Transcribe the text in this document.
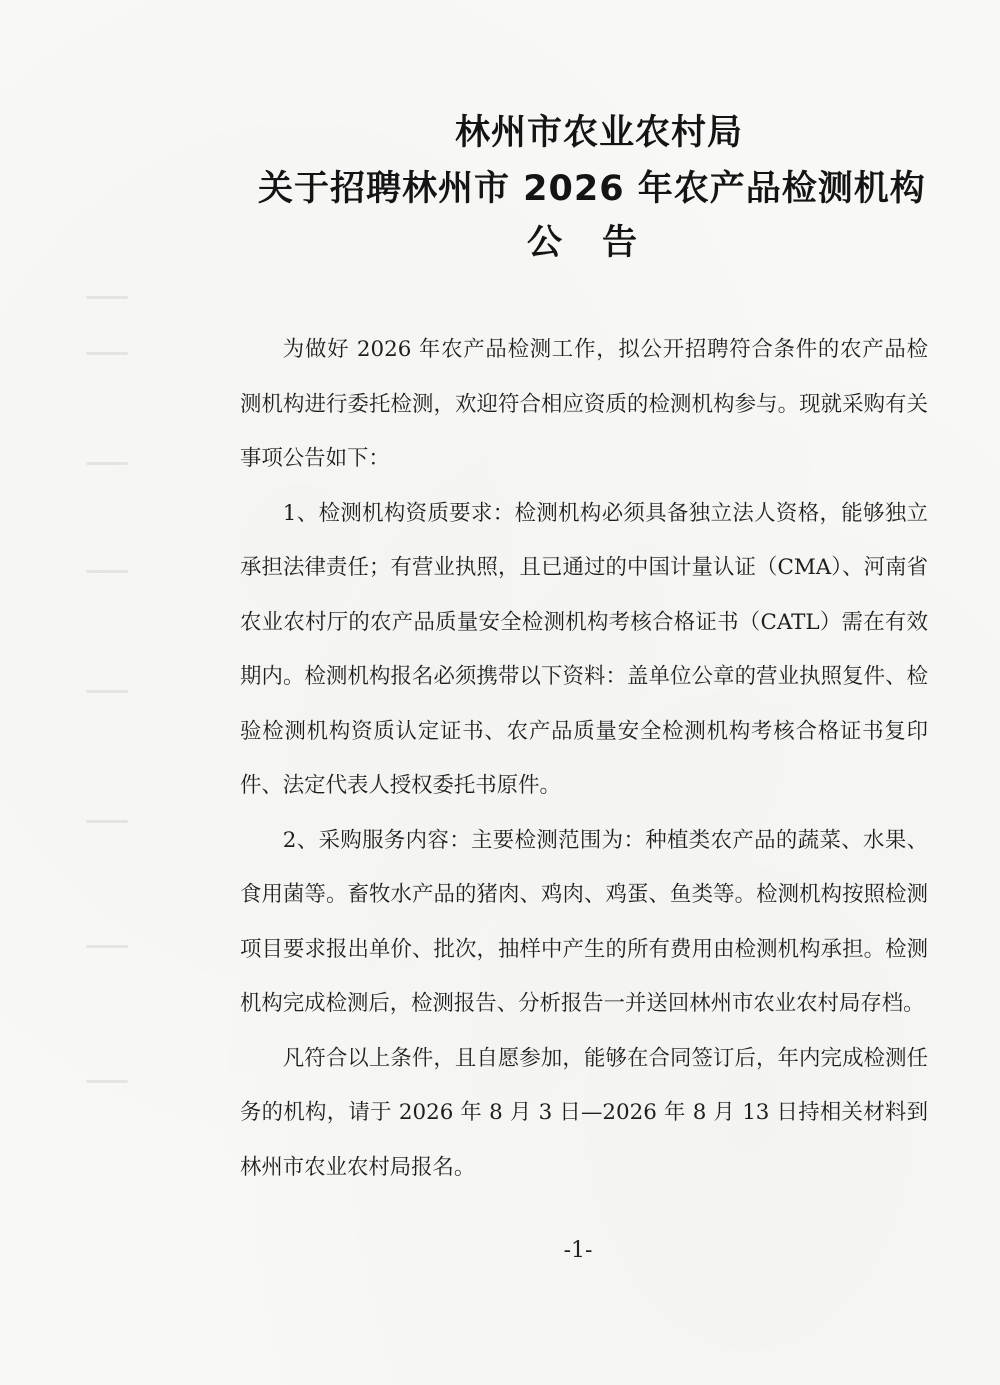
林州市农业农村局
关于招聘林州市 2026 年农产品检测机构
公告

为做好 2026 年农产品检测工作，拟公开招聘符合条件的农产品检测机构进行委托检测，欢迎符合相应资质的检测机构参与。现就采购有关事项公告如下：

1、检测机构资质要求：检测机构必须具备独立法人资格，能够独立承担法律责任；有营业执照，且已通过的中国计量认证（CMA）、河南省农业农村厅的农产品质量安全检测机构考核合格证书（CATL）需在有效期内。检测机构报名必须携带以下资料：盖单位公章的营业执照复件、检验检测机构资质认定证书、农产品质量安全检测机构考核合格证书复印件、法定代表人授权委托书原件。

2、采购服务内容：主要检测范围为：种植类农产品的蔬菜、水果、食用菌等。畜牧水产品的猪肉、鸡肉、鸡蛋、鱼类等。检测机构按照检测项目要求报出单价、批次，抽样中产生的所有费用由检测机构承担。检测机构完成检测后，检测报告、分析报告一并送回林州市农业农村局存档。

凡符合以上条件，且自愿参加，能够在合同签订后，年内完成检测任务的机构，请于 2026 年 8 月 3 日—2026 年 8 月 13 日持相关材料到林州市农业农村局报名。

-1-
